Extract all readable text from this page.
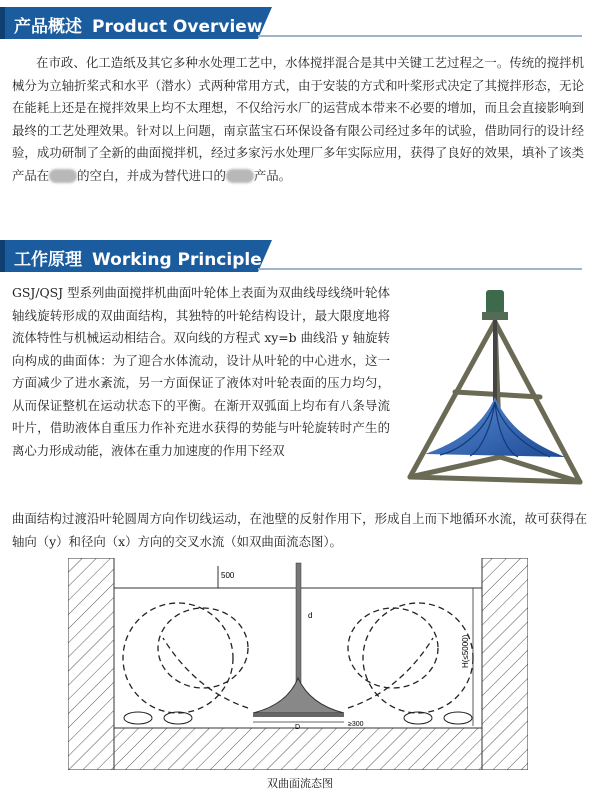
产品概述 Product Overview
在市政、化工造纸及其它多种水处理工艺中，水体搅拌混合是其中关键工艺过程之一。传统的搅拌机械分为立轴折桨式和水平（潜水）式两种常用方式，由于安装的方式和叶桨形式决定了其搅拌形态，无论在能耗上还是在搅拌效果上均不太理想，不仅给污水厂的运营成本带来不必要的增加，而且会直接影响到最终的工艺处理效果。针对以上问题，南京蓝宝石环保设备有限公司经过多年的试验，借助同行的设计经验，成功研制了全新的曲面搅拌机，经过多家污水处理厂多年实际应用，获得了良好的效果，填补了该类产品在 的空白，并成为替代进口的 产品。
工作原理 Working Principle
GSJ/QSJ 型系列曲面搅拌机曲面叶轮体上表面为双曲线母线绕叶轮体轴线旋转形成的双曲面结构，其独特的叶轮结构设计，最大限度地将流体特性与机械运动相结合。双向线的方程式 xy=b 曲线沿 y 轴旋转向构成的曲面体：为了迎合水体流动，设计从叶轮的中心进水，这一方面减少了进水紊流，另一方面保证了液体对叶轮表面的压力均匀，从而保证整机在运动状态下的平衡。在渐开双弧面上均布有八条导流叶片，借助液体自重压力作补充进水获得的势能与叶轮旋转时产生的离心力形成动能，液体在重力加速度的作用下经双
曲面结构过渡沿叶轮圆周方向作切线运动，在池壁的反射作用下，形成自上而下地循环水流，故可获得在轴向（y）和径向（x）方向的交叉水流（如双曲面流态图）。
500
H(≤5000)
d
D	≥300
双曲面流态图
